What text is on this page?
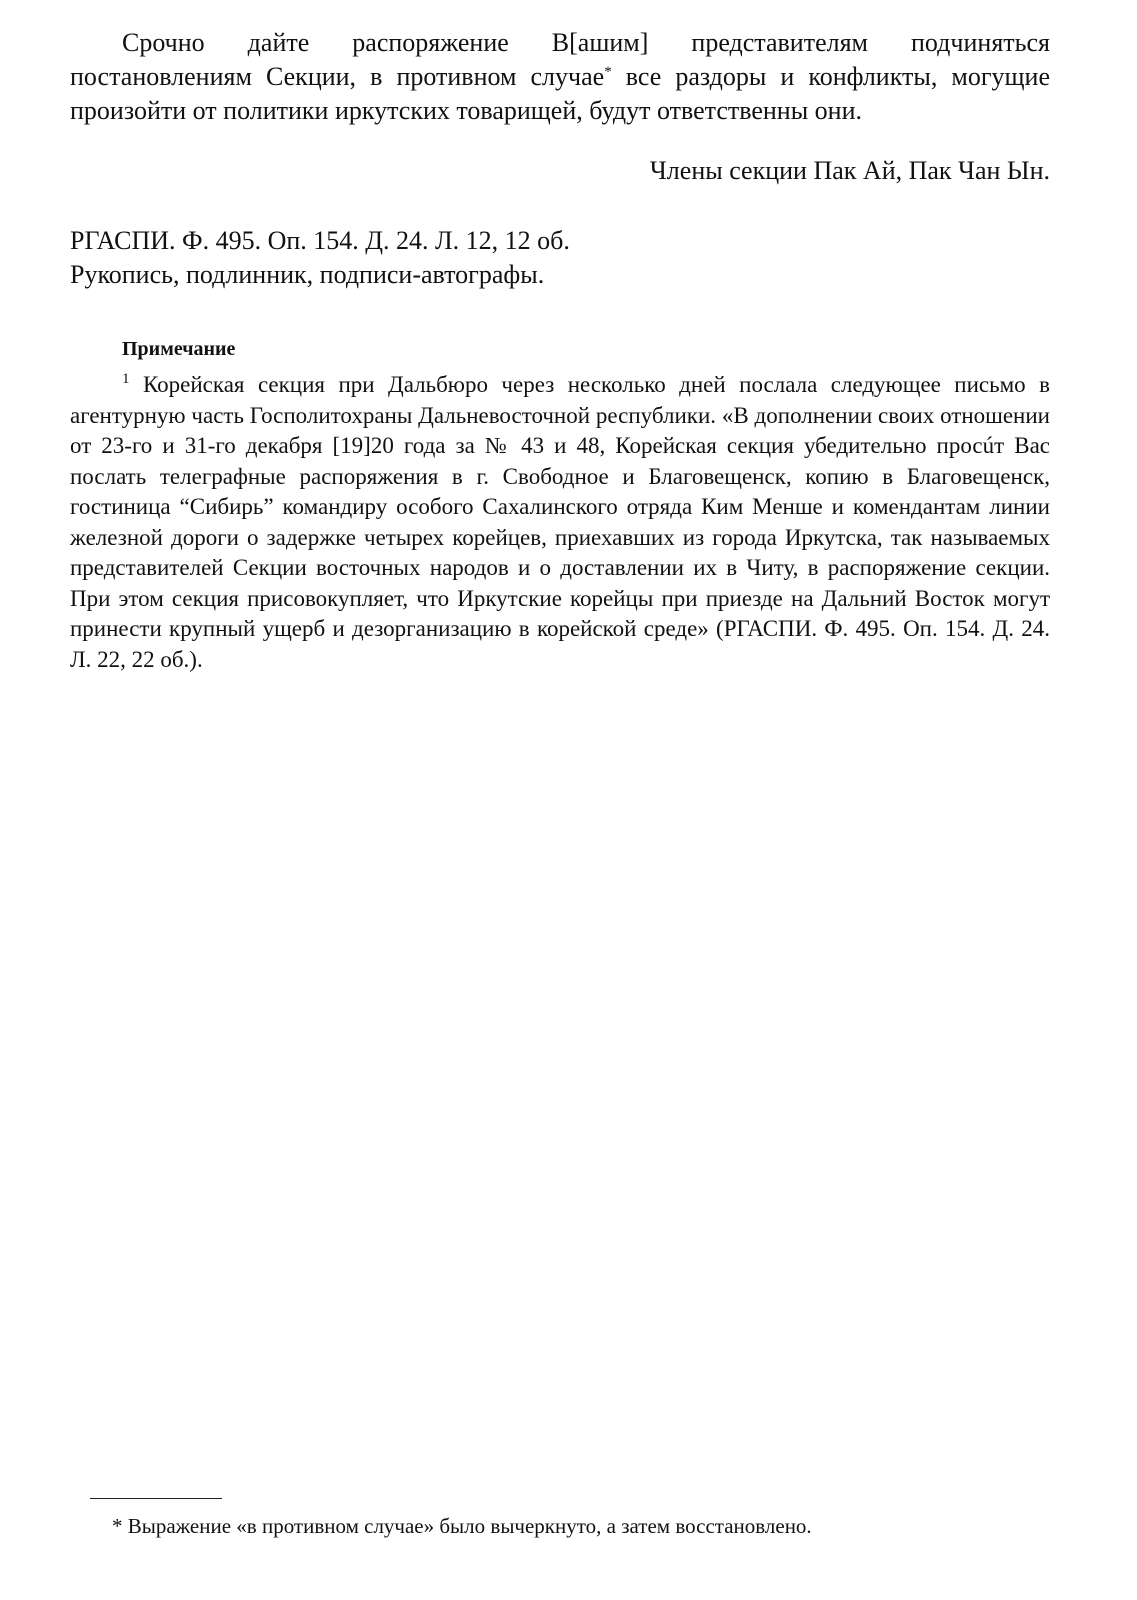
Срочно дайте распоряжение В[ашим] представителям подчиняться постановлениям Секции, в противном случае* все раздоры и конфликты, могущие произойти от политики иркутских товарищей, будут ответственны они.

Члены секции Пак Ай, Пак Чан Ын.

РГАСПИ. Ф. 495. Оп. 154. Д. 24. Л. 12, 12 об.
Рукопись, подлинник, подписи-автографы.
Примечание

$^1$ Корейская секция при Дальбюро через несколько дней послала следующее письмо в агентурную часть Госполитохраны Дальневосточной республики. «В дополнении своих отношении от 23-го и 31-го декабря [19]20 года за № 43 и 48, Корейская секция убедительно просúт Вас послать телеграфные распоряжения в г. Свободное и Благовещенск, копию в Благовещенск, гостиница “Сибирь” командиру особого Сахалинского отряда Ким Менше и комендантам линии железной дороги о задержке четырех корейцев, приехавших из города Иркутска, так называемых представителей Секции восточных народов и о доставлении их в Читу, в распоряжение секции. При этом секция присовокупляет, что Иркутские корейцы при приезде на Дальний Восток могут принести крупный ущерб и дезорганизацию в корейской среде» (РГАСПИ. Ф. 495. Оп. 154. Д. 24. Л. 22, 22 об.).

* Выражение «в противном случае» было вычеркнуто, а затем восстановлено.
